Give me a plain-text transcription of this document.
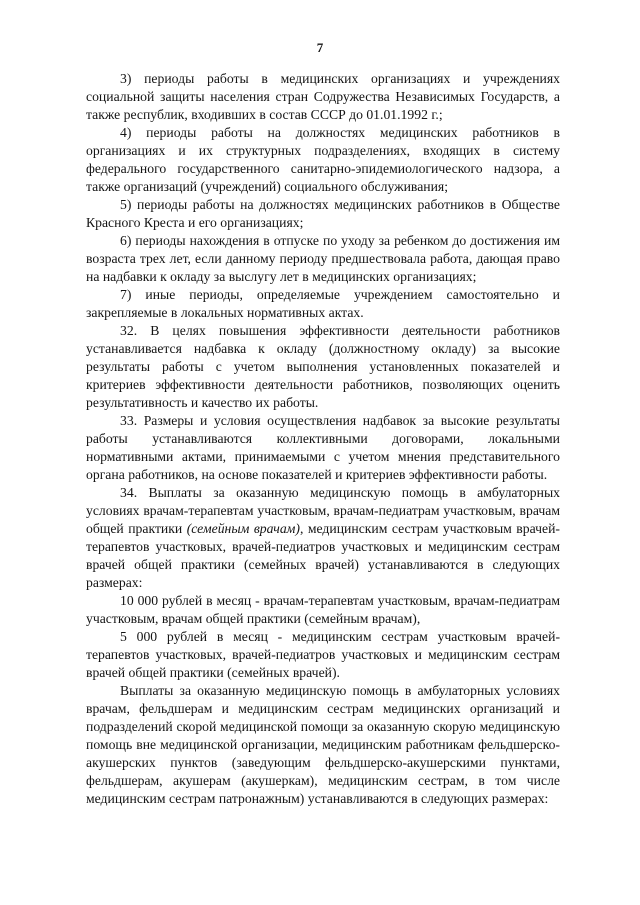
7

3) периоды работы в медицинских организациях и учреждениях социальной защиты населения стран Содружества Независимых Государств, а также республик, входивших в состав СССР до 01.01.1992 г.;

4) периоды работы на должностях медицинских работников в организациях и их структурных подразделениях, входящих в систему федерального государственного санитарно-эпидемиологического надзора, а также организаций (учреждений) социального обслуживания;

5) периоды работы на должностях медицинских работников в Обществе Красного Креста и его организациях;

6) периоды нахождения в отпуске по уходу за ребенком до достижения им возраста трех лет, если данному периоду предшествовала работа, дающая право на надбавки к окладу за выслугу лет в медицинских организациях;

7) иные периоды, определяемые учреждением самостоятельно и закрепляемые в локальных нормативных актах.

32. В целях повышения эффективности деятельности работников устанавливается надбавка к окладу (должностному окладу) за высокие результаты работы с учетом выполнения установленных показателей и критериев эффективности деятельности работников, позволяющих оценить результативность и качество их работы.

33. Размеры и условия осуществления надбавок за высокие результаты работы устанавливаются коллективными договорами, локальными нормативными актами, принимаемыми с учетом мнения представительного органа работников, на основе показателей и критериев эффективности работы.

34. Выплаты за оказанную медицинскую помощь в амбулаторных условиях врачам-терапевтам участковым, врачам-педиатрам участковым, врачам общей практики (семейным врачам), медицинским сестрам участковым врачей-терапевтов участковых, врачей-педиатров участковых и медицинским сестрам врачей общей практики (семейных врачей) устанавливаются в следующих размерах:

10 000 рублей в месяц - врачам-терапевтам участковым, врачам-педиатрам участковым, врачам общей практики (семейным врачам),

5 000 рублей в месяц - медицинским сестрам участковым врачей-терапевтов участковых, врачей-педиатров участковых и медицинским сестрам врачей общей практики (семейных врачей).

Выплаты за оказанную медицинскую помощь в амбулаторных условиях врачам, фельдшерам и медицинским сестрам медицинских организаций и подразделений скорой медицинской помощи за оказанную скорую медицинскую помощь вне медицинской организации, медицинским работникам фельдшерско-акушерских пунктов (заведующим фельдшерско-акушерскими пунктами, фельдшерам, акушерам (акушеркам), медицинским сестрам, в том числе медицинским сестрам патронажным) устанавливаются в следующих размерах:
